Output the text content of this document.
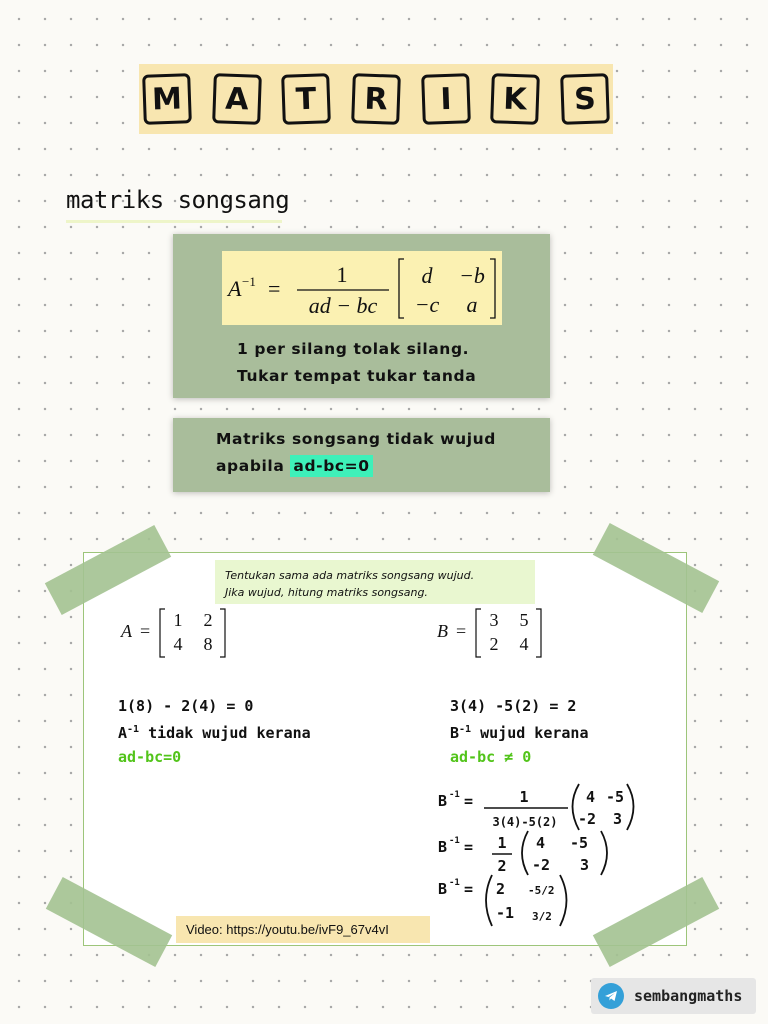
M	A	T	R	I	K	S
matriks songsang
A −1 =
1
ad − bc
d −b
−c a
1 per silang tolak silang.
Tukar tempat tukar tanda
Matriks songsang tidak wujud
apabila ad-bc=0
Tentukan sama ada matriks songsang wujud.
Jika wujud, hitung matriks songsang.
A =
1 2
4 8
B =
3 5
2 4
1(8) - 2(4) = 0
$A^{-1}$ tidak wujud kerana
ad-bc=0
3(4) -5(2) = 2
$B^{-1}$ wujud kerana
ad-bc ≠ 0
B -1 =	1
3(4)-5(2)
4 -5
-2 3
B -1 = 1
2
4 -5
-2 3
B -1 = 2 -5/2
-1 3/2
Video: https://youtu.be/ivF9_67v4vI
sembangmaths
